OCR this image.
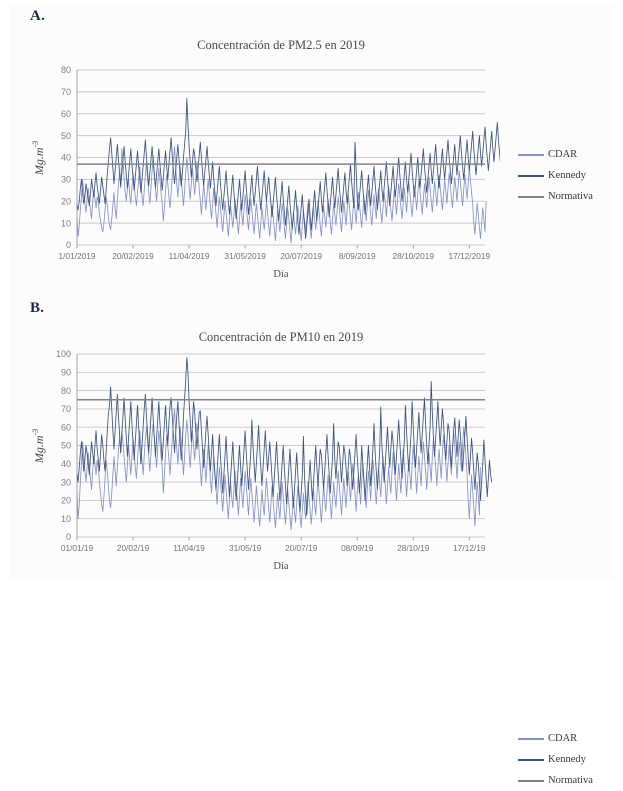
A.
Concentración de PM2.5 en 2019
$Mg.m^{-3}$
0
10
20
30
40
50
60
70
80
1/01/2019 20/02/2019 11/04/2019 31/05/2019 20/07/2019 8/09/2019 28/10/2019 17/12/2019
Día
CDAR
Kennedy
Normativa
B.
Concentración de PM10 en 2019
$Mg.m^{-3}$
0
10
20
30
40
50
60
70
80
90
100
01/01/19	20/02/19	11/04/19	31/05/19	20/07/19	08/09/19	28/10/19	17/12/19
Día
CDAR
Kennedy
Normativa
